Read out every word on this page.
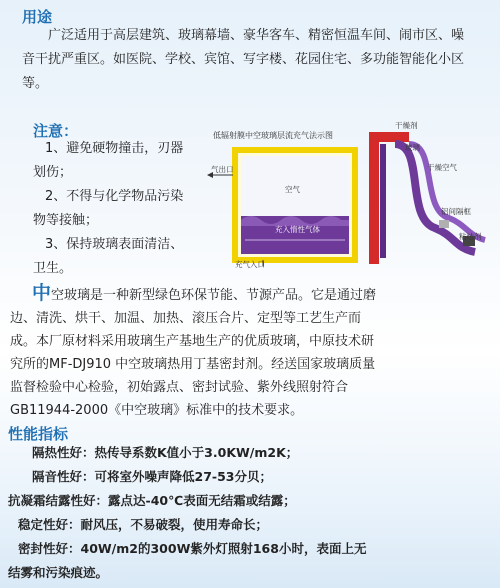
用途
广泛适用于高层建筑、玻璃幕墙、豪华客车、精密恒温车间、闹市区、噪
音干扰严重区。如医院、学校、宾馆、写字楼、花园住宅、多功能智能化小区
等。
注意：
1、避免硬物撞击，刃器
划伤；
2、不得与化学物品污染
物等接触；
3、保持玻璃表面清洁、
卫生。
低辐射膜中空玻璃层流充气法示图
气出口
空气
充入惰性气体
充气入口
干燥剂
玻璃
干燥空气
铝间隔框
粘结剂
中空玻璃是一种新型绿色环保节能、节源产品。它是通过磨
边、清洗、烘干、加温、加热、滚压合片、定型等工艺生产而
成。本厂原材料采用玻璃生产基地生产的优质玻璃，中原技术研
究所的MF-DJ910 中空玻璃热用丁基密封剂。经送国家玻璃质量
监督检验中心检验，初始露点、密封试验、紫外线照射符合
GB11944-2000《中空玻璃》标准中的技术要求。
性能指标
隔热性好：热传导系数K值小于3.0KW/m2K；
隔音性好：可将室外噪声降低27-53分贝；
抗凝霜结露性好：露点达-40℃表面无结霜或结露；
稳定性好：耐风压，不易破裂，使用寿命长；
密封性好：40W/m2的300W紫外灯照射168小时，表面上无
结雾和污染痕迹。
